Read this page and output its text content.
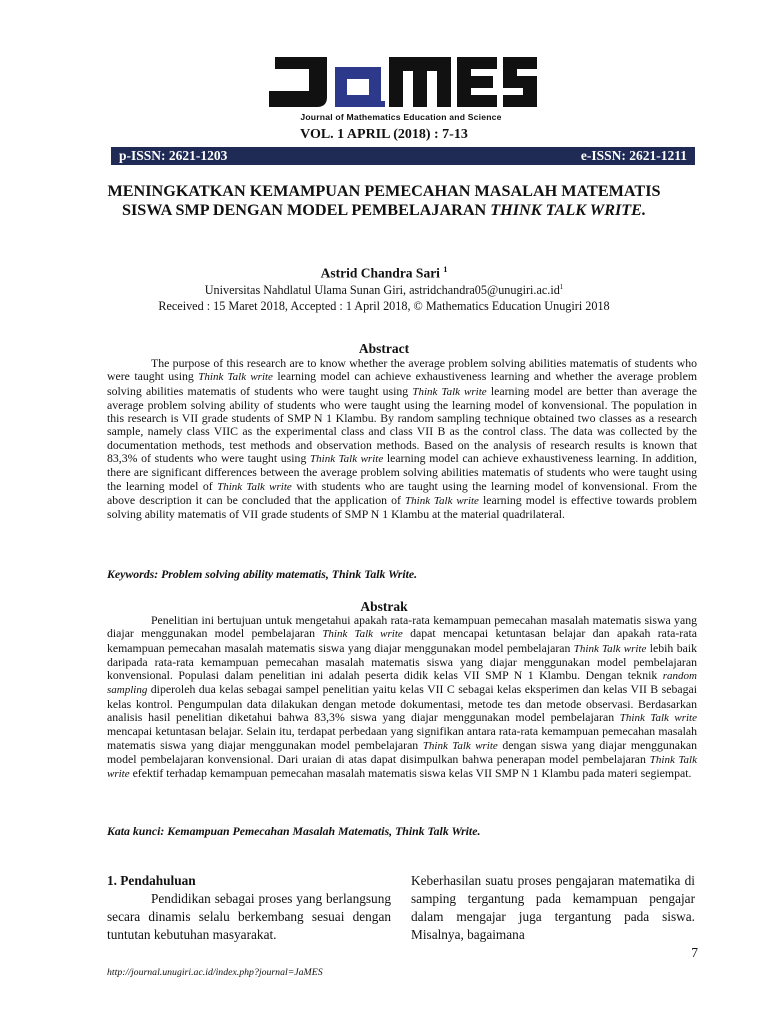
Journal of Mathematics Education and Science
VOL. 1 APRIL (2018) : 7-13
p-ISSN: 2621-1203	e-ISSN: 2621-1211
MENINGKATKAN KEMAMPUAN PEMECAHAN MASALAH MATEMATIS SISWA SMP DENGAN MODEL PEMBELAJARAN THINK TALK WRITE.
Astrid Chandra Sari $^1$
Universitas Nahdlatul Ulama Sunan Giri, $astridchandra05@unugiri.ac.id^1$
Received : 15 Maret 2018, Accepted : 1 April 2018, © Mathematics Education Unugiri 2018
Abstract

The purpose of this research are to know whether the average problem solving abilities matematis of students who were taught using Think Talk write learning model can achieve exhaustiveness learning and whether the average problem solving abilities matematis of students who were taught using Think Talk write learning model are better than average the average problem solving ability of students who were taught using the learning model of konvensional. The population in this research is VII grade students of SMP N 1 Klambu. By random sampling technique obtained two classes as a research sample, namely class VIIC as the experimental class and class VII B as the control class. The data was collected by the documentation methods, test methods and observation methods. Based on the analysis of research results is known that 83,3% of students who were taught using Think Talk write learning model can achieve exhaustiveness learning. In addition, there are significant differences between the average problem solving abilities matematis of students who were taught using the learning model of Think Talk write with students who are taught using the learning model of konvensional. From the above description it can be concluded that the application of Think Talk write learning model is effective towards problem solving ability matematis of VII grade students of SMP N 1 Klambu at the material quadrilateral.

Keywords: Problem solving ability matematis, Think Talk Write.
Abstrak

Penelitian ini bertujuan untuk mengetahui apakah rata-rata kemampuan pemecahan masalah matematis siswa yang diajar menggunakan model pembelajaran Think Talk write dapat mencapai ketuntasan belajar dan apakah rata-rata kemampuan pemecahan masalah matematis siswa yang diajar menggunakan model pembelajaran Think Talk write lebih baik daripada rata-rata kemampuan pemecahan masalah matematis siswa yang diajar menggunakan model pembelajaran konvensional. Populasi dalam penelitian ini adalah peserta didik kelas VII SMP N 1 Klambu. Dengan teknik random sampling diperoleh dua kelas sebagai sampel penelitian yaitu kelas VII C sebagai kelas eksperimen dan kelas VII B sebagai kelas kontrol. Pengumpulan data dilakukan dengan metode dokumentasi, metode tes dan metode observasi. Berdasarkan analisis hasil penelitian diketahui bahwa 83,3% siswa yang diajar menggunakan model pembelajaran Think Talk write mencapai ketuntasan belajar. Selain itu, terdapat perbedaan yang signifikan antara rata-rata kemampuan pemecahan masalah matematis siswa yang diajar menggunakan model pembelajaran Think Talk write dengan siswa yang diajar menggunakan model pembelajaran konvensional. Dari uraian di atas dapat disimpulkan bahwa penerapan model pembelajaran Think Talk write efektif terhadap kemampuan pemecahan masalah matematis siswa kelas VII SMP N 1 Klambu pada materi segiempat.

Kata kunci: Kemampuan Pemecahan Masalah Matematis, Think Talk Write.
1. Pendahuluan

Pendidikan sebagai proses yang berlangsung secara dinamis selalu berkembang sesuai dengan tuntutan kebutuhan masyarakat.

Keberhasilan suatu proses pengajaran matematika di samping tergantung pada kemampuan pengajar dalam mengajar juga tergantung pada siswa. Misalnya, bagaimana

7
http://journal.unugiri.ac.id/index.php?journal=JaMES
